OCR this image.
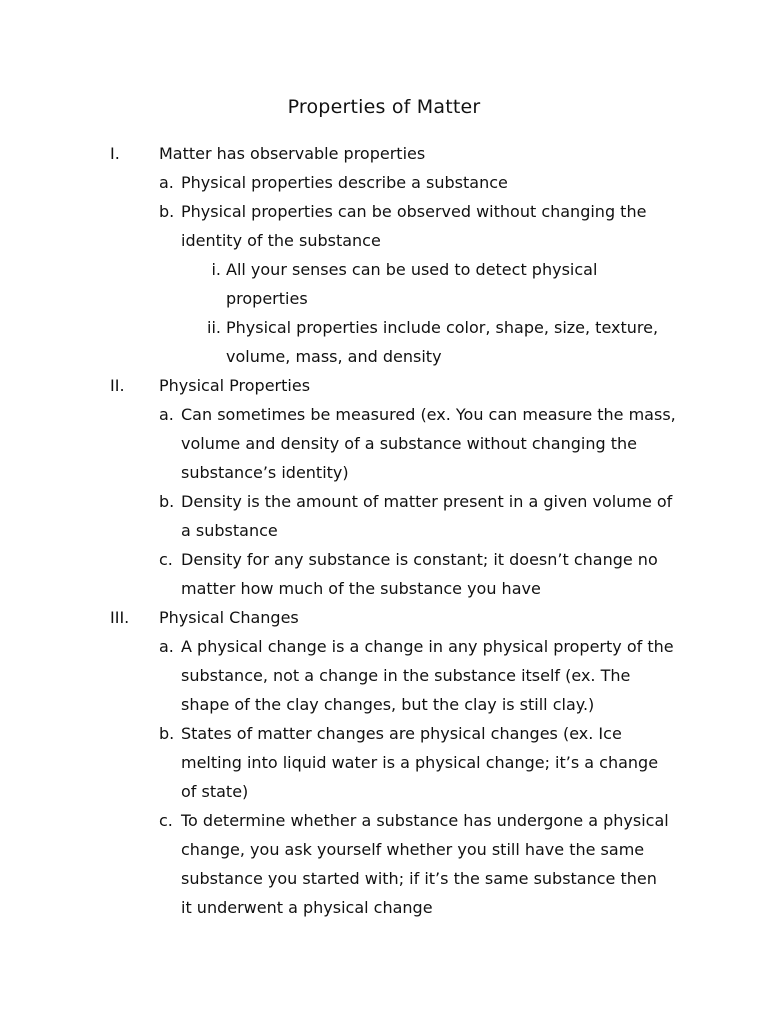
Properties of Matter
I. Matter has observable properties
a. Physical properties describe a substance
b. Physical properties can be observed without changing the
identity of the substance
i. All your senses can be used to detect physical
properties
ii. Physical properties include color, shape, size, texture,
volume, mass, and density
II. Physical Properties
a. Can sometimes be measured (ex. You can measure the mass,
volume and density of a substance without changing the
substance’s identity)
b. Density is the amount of matter present in a given volume of
a substance
c. Density for any substance is constant; it doesn’t change no
matter how much of the substance you have
III. Physical Changes
a. A physical change is a change in any physical property of the
substance, not a change in the substance itself (ex. The
shape of the clay changes, but the clay is still clay.)
b. States of matter changes are physical changes (ex. Ice
melting into liquid water is a physical change; it’s a change
of state)
c. To determine whether a substance has undergone a physical
change, you ask yourself whether you still have the same
substance you started with; if it’s the same substance then
it underwent a physical change
